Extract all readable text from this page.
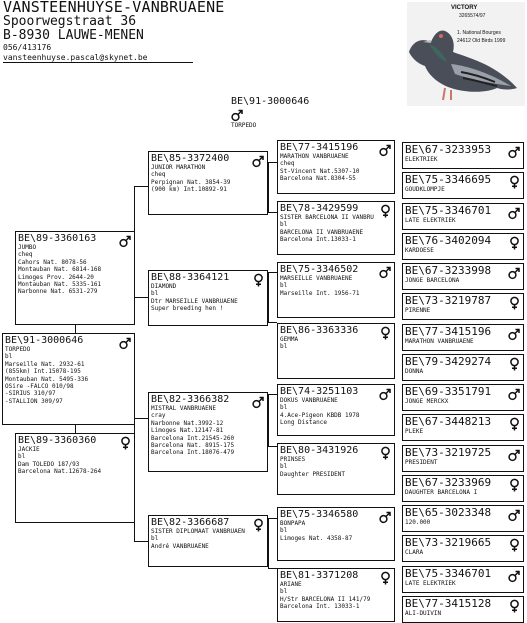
VANSTEENHUYSE-VANBRUAENE
Spoorwegstraat 36
B-8930 LAUWE-MENEN
056/413176
vansteenhuyse.pascal@skynet.be
VICTORY
3265574/97
1. National Bourges
24612 Old Birds 1999
BE\91-3000646
TORPEDO
BE\91-3000646
TORPEDO
bl
Marseille Nat. 2932-61
(855km) Int.15078-195
Montauban Nat. 5495-336
OSire -FALCO 010/98
-SIRIUS 310/97
-STALLION 309/97
BE\89-3360163
JUMBO
cheq
Cahors Nat. 8078-56
Montauban Nat. 6814-168
Limoges Prov. 2644-20
Montauban Nat. 5335-161
Narbonne Nat. 6531-279
BE\89-3360360
JACKIE
bl
Dam TOLEDO 187/93
Barcelona Nat.12678-264
BE\85-3372400
JUNIOR MARATHON
cheq
Perpignan Nat. 3854-39
(900 km) Int.10892-91
BE\88-3364121
DIAMOND
bl
Dtr MARSEILLE VANBRUAENE
Super breeding hen !
BE\82-3366382
MISTRAL VANBRUAENE
cray
Narbonne Nat.3992-12
Limoges Nat.12147-81
Barcelona Int.21545-260
Barcelona Nat. 8915-175
Barcelona Int.18076-479
BE\82-3366687
SISTER DIPLOMAAT VANBRUAEN
bl
André VANBRUAENE
BE\77-3415196
MARATHON VANBRUAENE
cheq
St-Vincent Nat.5307-10
Barcelona Nat.8304-55
BE\78-3429599
SISTER BARCELONA II VANBRU
bl
BARCELONA II VANBRUAENE
Barcelona Int.13033-1
BE\75-3346502
MARSEILLE VANBRUAENE
bl
Marseille Int. 1956-71
BE\86-3363336
GEMMA
bl
BE\74-3251103
DOKUS VANBRUAENE
bl
4.Ace-Pigeon KBDB 1978
Long Distance
BE\80-3431926
PRINSES
bl
Daughter PRESIDENT
BE\75-3346580
BONPAPA
bl
Limoges Nat. 4358-87
BE\81-3371208
ARIANE
bl
H/Str BARCELONA II 141/79
Barcelona Int. 13033-1
BE\67-3233953
ELEKTRIEK
BE\75-3346695
GOUDKLOMPJE
BE\75-3346701
LATE ELEKTRIEK
BE\76-3402094
KARDOESE
BE\67-3233998
JONGE BARCELONA
BE\73-3219787
PIRENNE
BE\77-3415196
MARATHON VANBRUAENE
BE\79-3429274
DONNA
BE\69-3351791
JONGE MERCKX
BE\67-3448213
PLEKE
BE\73-3219725
PRESIDENT
BE\67-3233969
DAUGHTER BARCELONA I
BE\65-3023348
120.000
BE\73-3219665
CLARA
BE\75-3346701
LATE ELEKTRIEK
BE\77-3415128
ALI-DUIVIN
